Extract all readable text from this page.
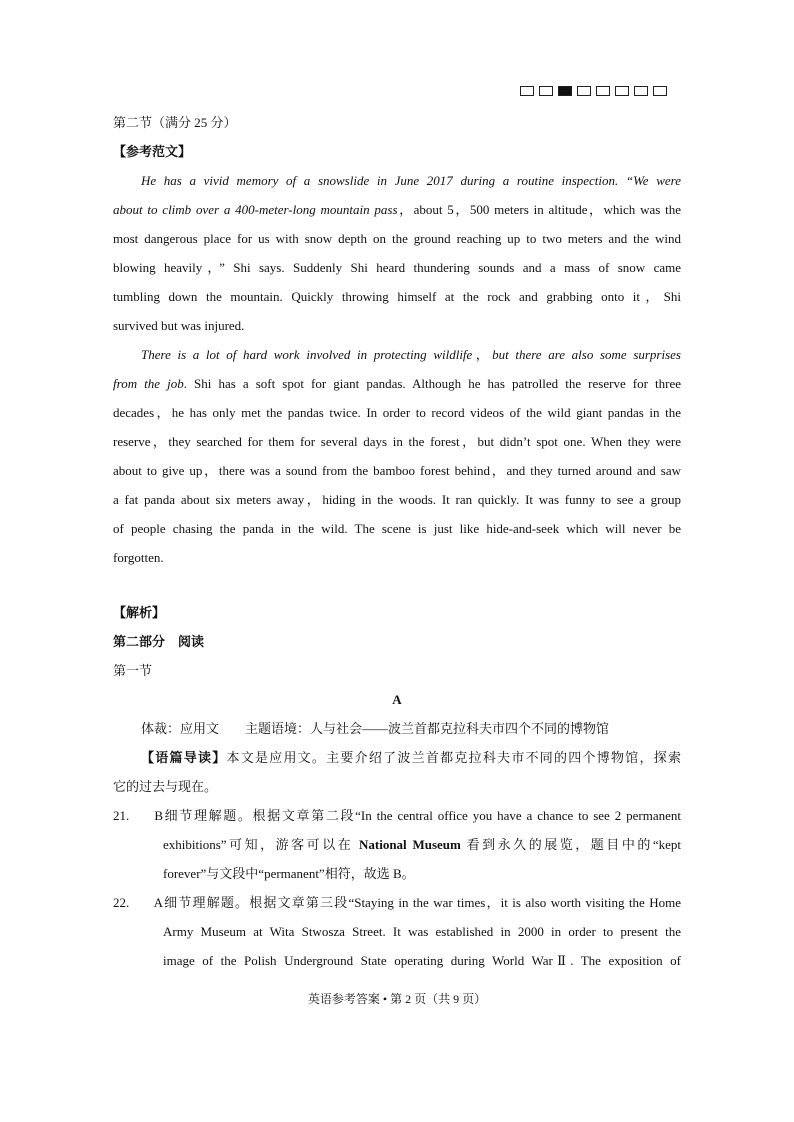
第二节（满分 25 分）
【参考范文】
He has a vivid memory of a snowslide in June 2017 during a routine inspection. “We were
about to climb over a 400-meter-long mountain pass，about 5，500 meters in altitude，which was the
most dangerous place for us with snow depth on the ground reaching up to two meters and the wind
blowing heavily，” Shi says. Suddenly Shi heard thundering sounds and a mass of snow came
tumbling down the mountain. Quickly throwing himself at the rock and grabbing onto it，Shi
survived but was injured.
There is a lot of hard work involved in protecting wildlife，but there are also some surprises
from the job. Shi has a soft spot for giant pandas. Although he has patrolled the reserve for three
decades，he has only met the pandas twice. In order to record videos of the wild giant pandas in the
reserve，they searched for them for several days in the forest，but didn’t spot one. When they were
about to give up，there was a sound from the bamboo forest behind，and they turned around and saw
a fat panda about six meters away，hiding in the woods. It ran quickly. It was funny to see a group
of people chasing the panda in the wild. The scene is just like hide-and-seek which will never be
forgotten.
【解析】
第二部分　阅读
第一节
A
体裁：应用文　　主题语境：人与社会——波兰首都克拉科夫市四个不同的博物馆
【语篇导读】本文是应用文。主要介绍了波兰首都克拉科夫市不同的四个博物馆，探索
它的过去与现在。
21. B细节理解题。根据文章第二段“In the central office you have a chance to see 2 permanent
exhibitions”可知，游客可以在 National Museum 看到永久的展览，题目中的“kept
forever”与文段中“permanent”相符，故选 B。
22. A细节理解题。根据文章第三段“Staying in the war times，it is also worth visiting the Home
Army Museum at Wita Stwosza Street. It was established in 2000 in order to present the
image of the Polish Underground State operating during World WarⅡ. The exposition of
英语参考答案 • 第 2 页（共 9 页）
